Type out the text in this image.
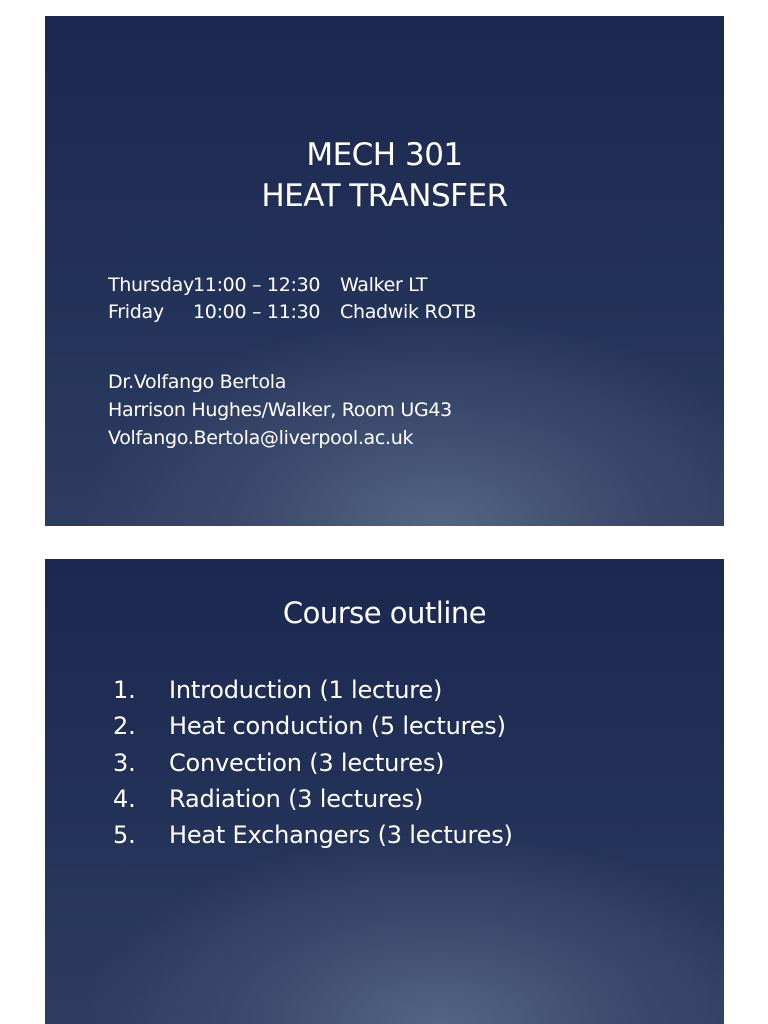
MECH 301
HEAT TRANSFER
Thursday 11:00 – 12:30 Walker LT
Friday 10:00 – 11:30 Chadwik ROTB
Dr.Volfango Bertola
Harrison Hughes/Walker, Room UG43
Volfango.Bertola@liverpool.ac.uk
Course outline
1. Introduction (1 lecture)
2. Heat conduction (5 lectures)
3. Convection (3 lectures)
4. Radiation (3 lectures)
5. Heat Exchangers (3 lectures)
